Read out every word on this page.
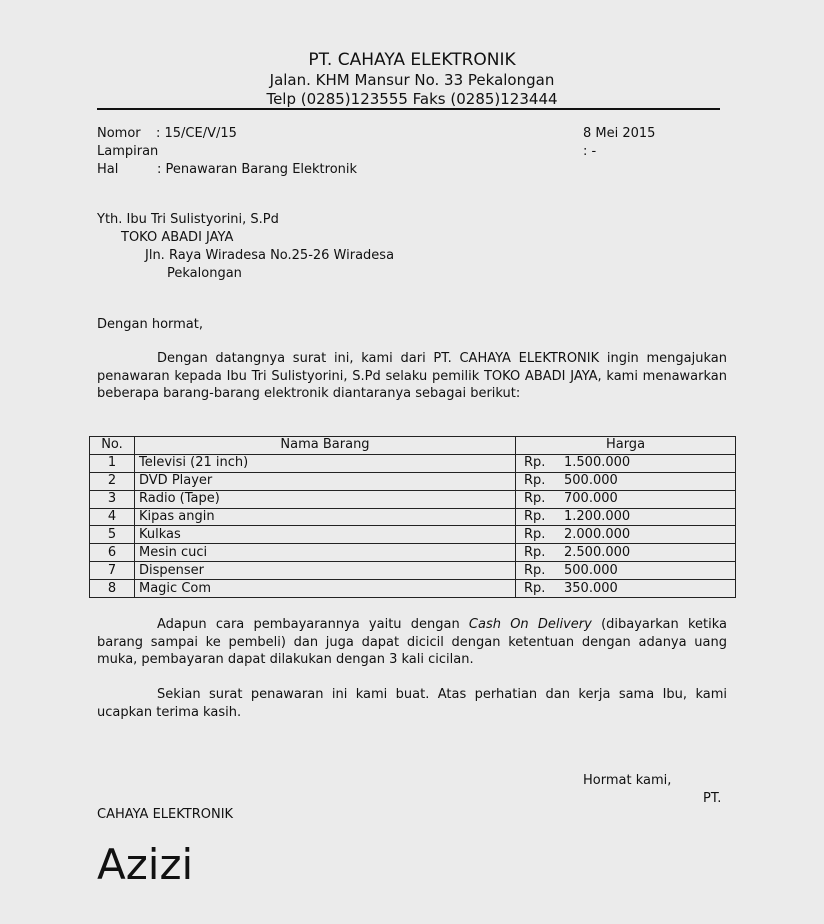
PT. CAHAYA ELEKTRONIK
Jalan. KHM Mansur No. 33 Pekalongan
Telp (0285)123555 Faks (0285)123444
Nomor : 15/CE/V/15	8 Mei 2015
Lampiran	: -
Hal	: Penawaran Barang Elektronik
Yth. Ibu Tri Sulistyorini, S.Pd
TOKO ABADI JAYA
Jln. Raya Wiradesa No.25-26 Wiradesa
Pekalongan
Dengan hormat,
Dengan datangnya surat ini, kami dari PT. CAHAYA ELEKTRONIK ingin mengajukan penawaran kepada Ibu Tri Sulistyorini, S.Pd selaku pemilik TOKO ABADI JAYA, kami menawarkan beberapa barang-barang elektronik diantaranya sebagai berikut:
No.	Nama Barang	Harga
1	Televisi (21 inch)	Rp. 1.500.000
2	DVD Player	Rp. 500.000
3	Radio (Tape)	Rp. 700.000
4	Kipas angin	Rp. 1.200.000
5	Kulkas	Rp. 2.000.000
6	Mesin cuci	Rp. 2.500.000
7	Dispenser	Rp. 500.000
8	Magic Com	Rp. 350.000
Adapun cara pembayarannya yaitu dengan Cash On Delivery (dibayarkan ketika barang sampai ke pembeli) dan juga dapat dicicil dengan ketentuan dengan adanya uang muka, pembayaran dapat dilakukan dengan 3 kali cicilan.
Sekian surat penawaran ini kami buat. Atas perhatian dan kerja sama Ibu, kami ucapkan terima kasih.
Hormat kami,
PT.
CAHAYA ELEKTRONIK
Azizi
